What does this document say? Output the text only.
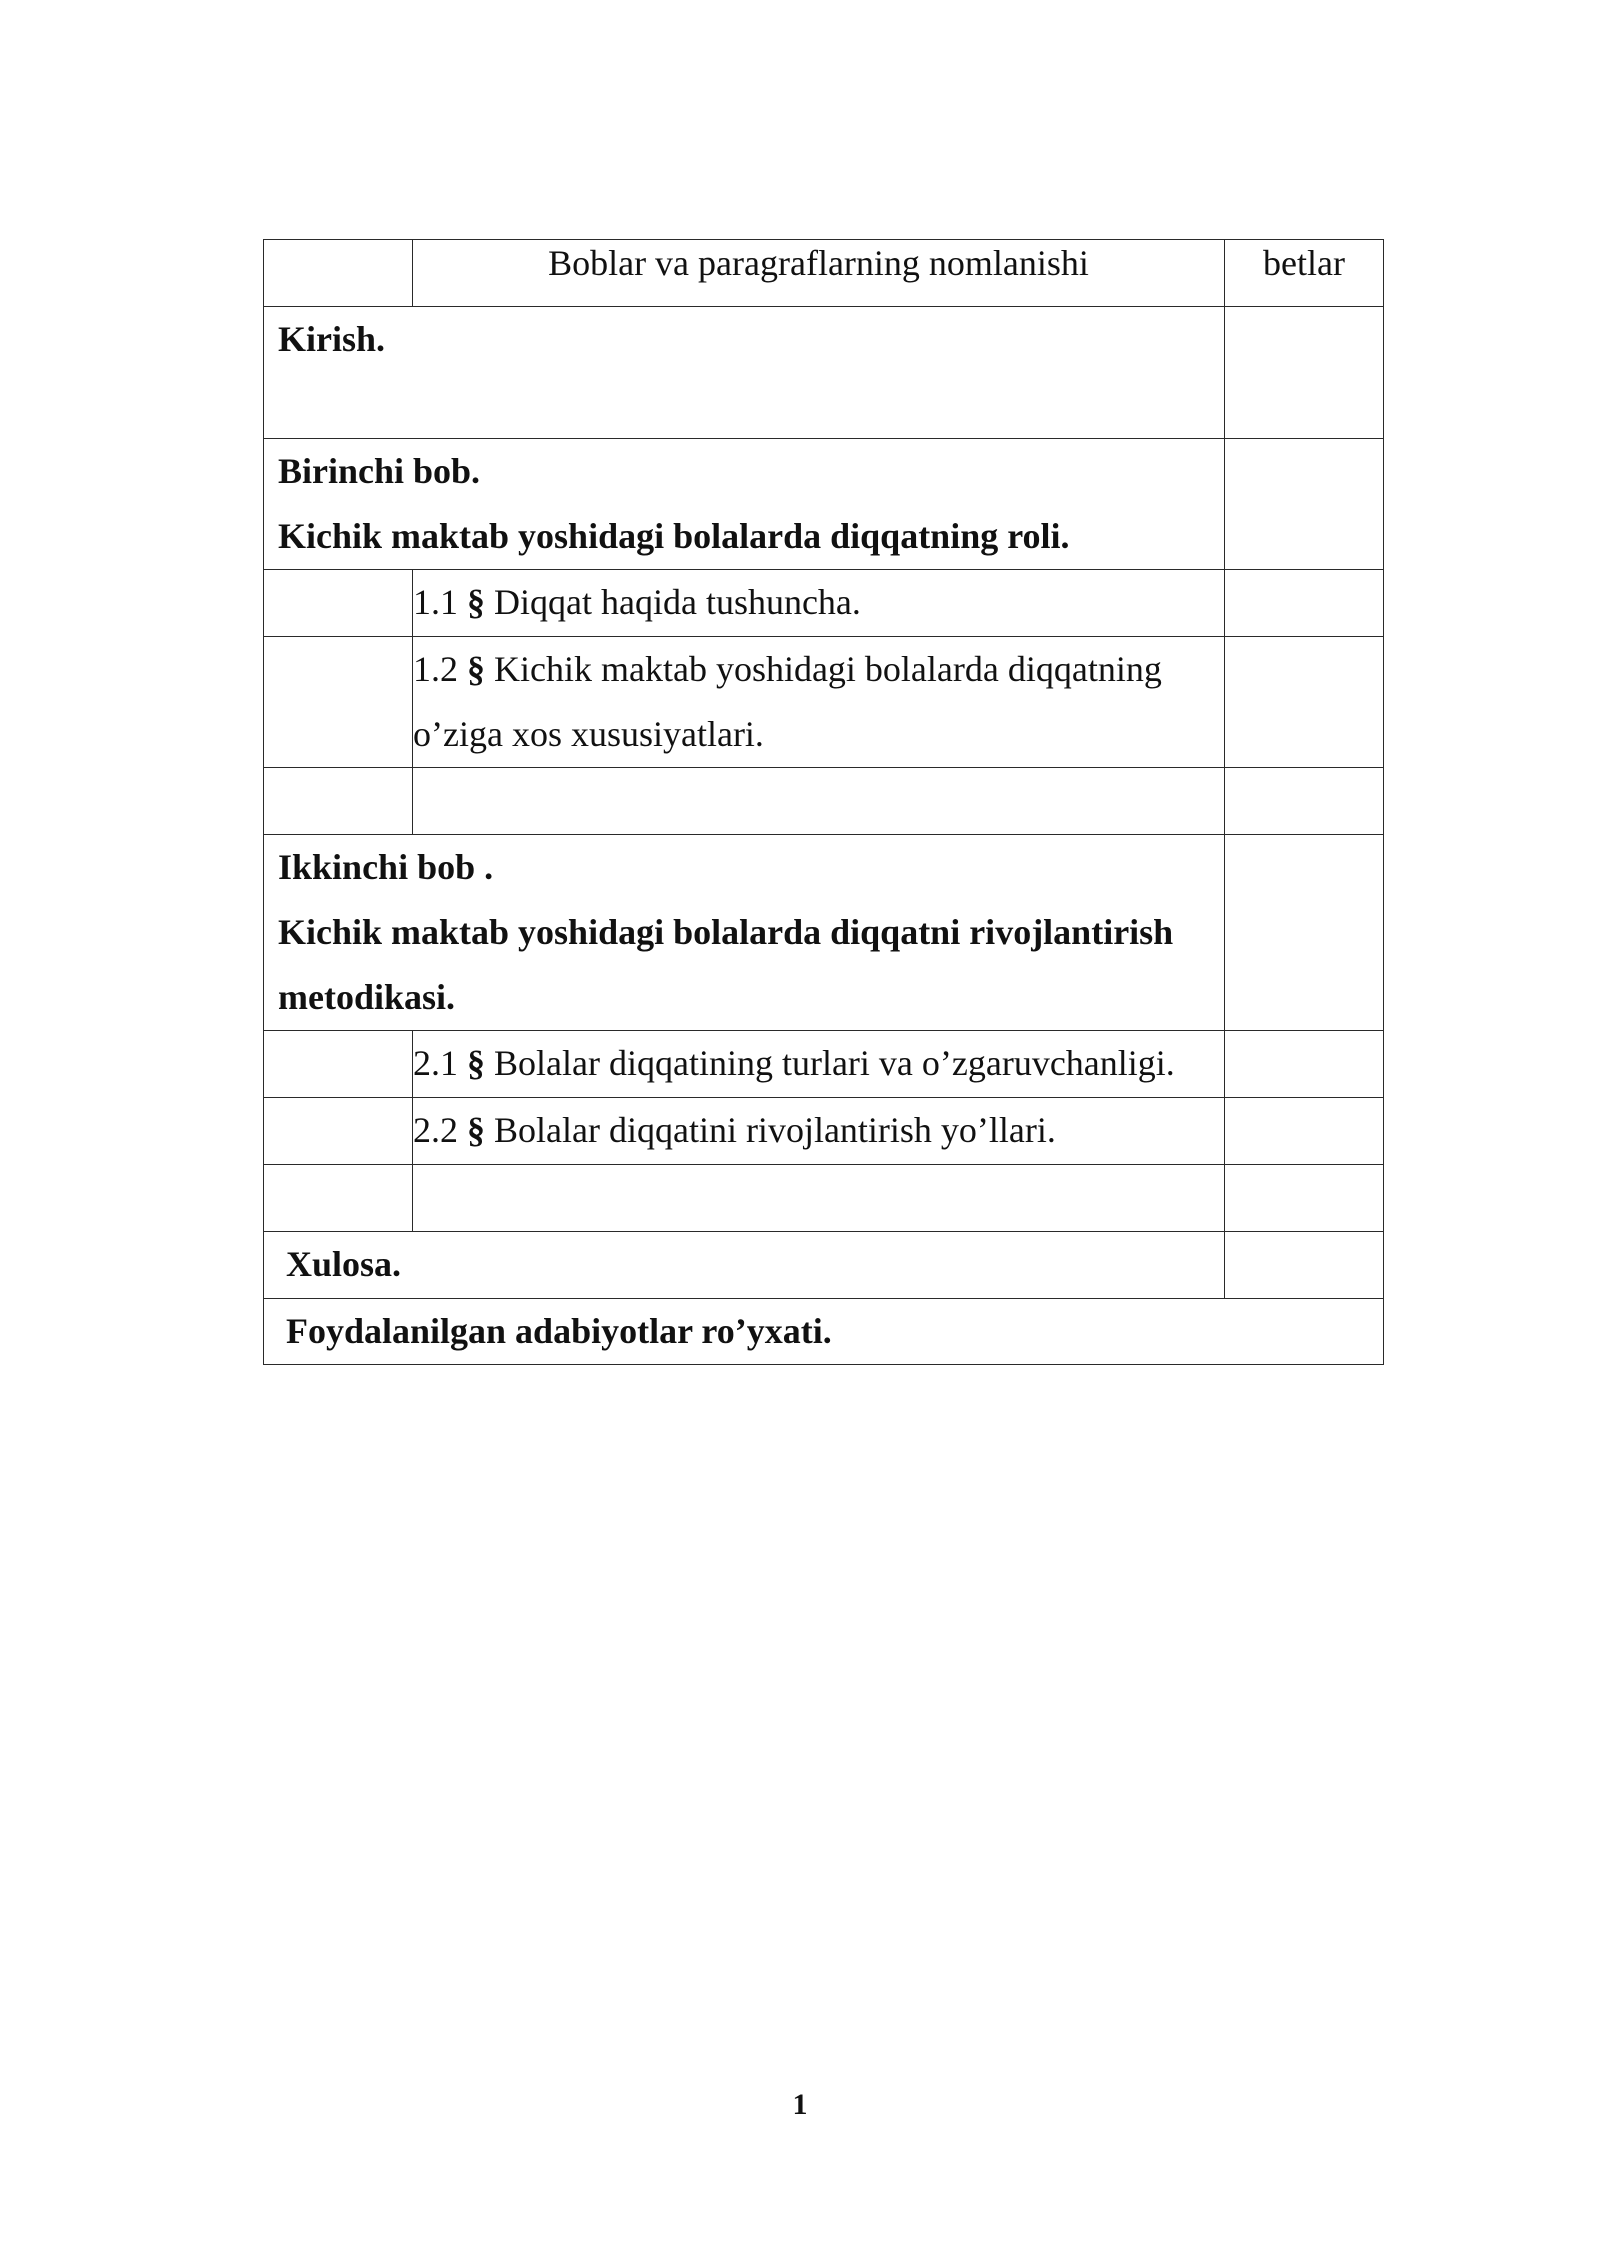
	Boblar va paragraflarning nomlanishi	betlar
Kirish.		

Birinchi bob.
Kichik maktab yoshidagi bolalarda diqqatning roli.		

	1.1 § Diqqat haqida tushuncha.	
	1.2 § Kichik maktab yoshidagi bolalarda diqqatning o’ziga xos xususiyatlari.	

Ikkinchi bob .
Kichik maktab yoshidagi bolalarda diqqatni rivojlantirish metodikasi.		

	2.1 § Bolalar diqqatining turlari va o’zgaruvchanligi.	
	2.2 § Bolalar diqqatini rivojlantirish yo’llari.	

Xulosa.		
Foydalanilgan adabiyotlar ro’yxati.		
1
